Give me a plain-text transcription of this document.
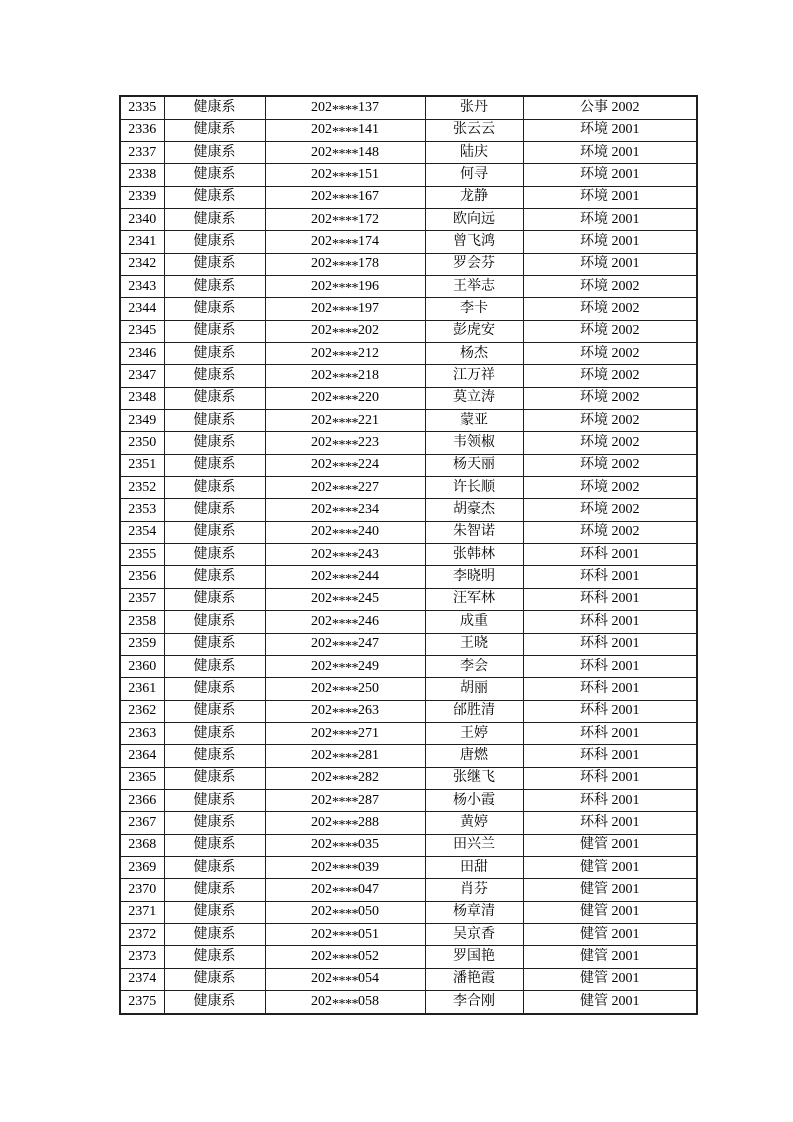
2335	健康系	202****137	张丹	公事 2002
2336	健康系	202****141	张云云	环境 2001
2337	健康系	202****148	陆庆	环境 2001
2338	健康系	202****151	何寻	环境 2001
2339	健康系	202****167	龙静	环境 2001
2340	健康系	202****172	欧向远	环境 2001
2341	健康系	202****174	曾飞鸿	环境 2001
2342	健康系	202****178	罗会芬	环境 2001
2343	健康系	202****196	王举志	环境 2002
2344	健康系	202****197	李卡	环境 2002
2345	健康系	202****202	彭虎安	环境 2002
2346	健康系	202****212	杨杰	环境 2002
2347	健康系	202****218	江万祥	环境 2002
2348	健康系	202****220	莫立涛	环境 2002
2349	健康系	202****221	蒙亚	环境 2002
2350	健康系	202****223	韦领椒	环境 2002
2351	健康系	202****224	杨天丽	环境 2002
2352	健康系	202****227	许长顺	环境 2002
2353	健康系	202****234	胡豪杰	环境 2002
2354	健康系	202****240	朱智诺	环境 2002
2355	健康系	202****243	张韩林	环科 2001
2356	健康系	202****244	李晓明	环科 2001
2357	健康系	202****245	汪军林	环科 2001
2358	健康系	202****246	成重	环科 2001
2359	健康系	202****247	王晓	环科 2001
2360	健康系	202****249	李会	环科 2001
2361	健康系	202****250	胡丽	环科 2001
2362	健康系	202****263	邰胜清	环科 2001
2363	健康系	202****271	王婷	环科 2001
2364	健康系	202****281	唐燃	环科 2001
2365	健康系	202****282	张继飞	环科 2001
2366	健康系	202****287	杨小霞	环科 2001
2367	健康系	202****288	黄婷	环科 2001
2368	健康系	202****035	田兴兰	健管 2001
2369	健康系	202****039	田甜	健管 2001
2370	健康系	202****047	肖芬	健管 2001
2371	健康系	202****050	杨章清	健管 2001
2372	健康系	202****051	吴京香	健管 2001
2373	健康系	202****052	罗国艳	健管 2001
2374	健康系	202****054	潘艳霞	健管 2001
2375	健康系	202****058	李合刚	健管 2001
